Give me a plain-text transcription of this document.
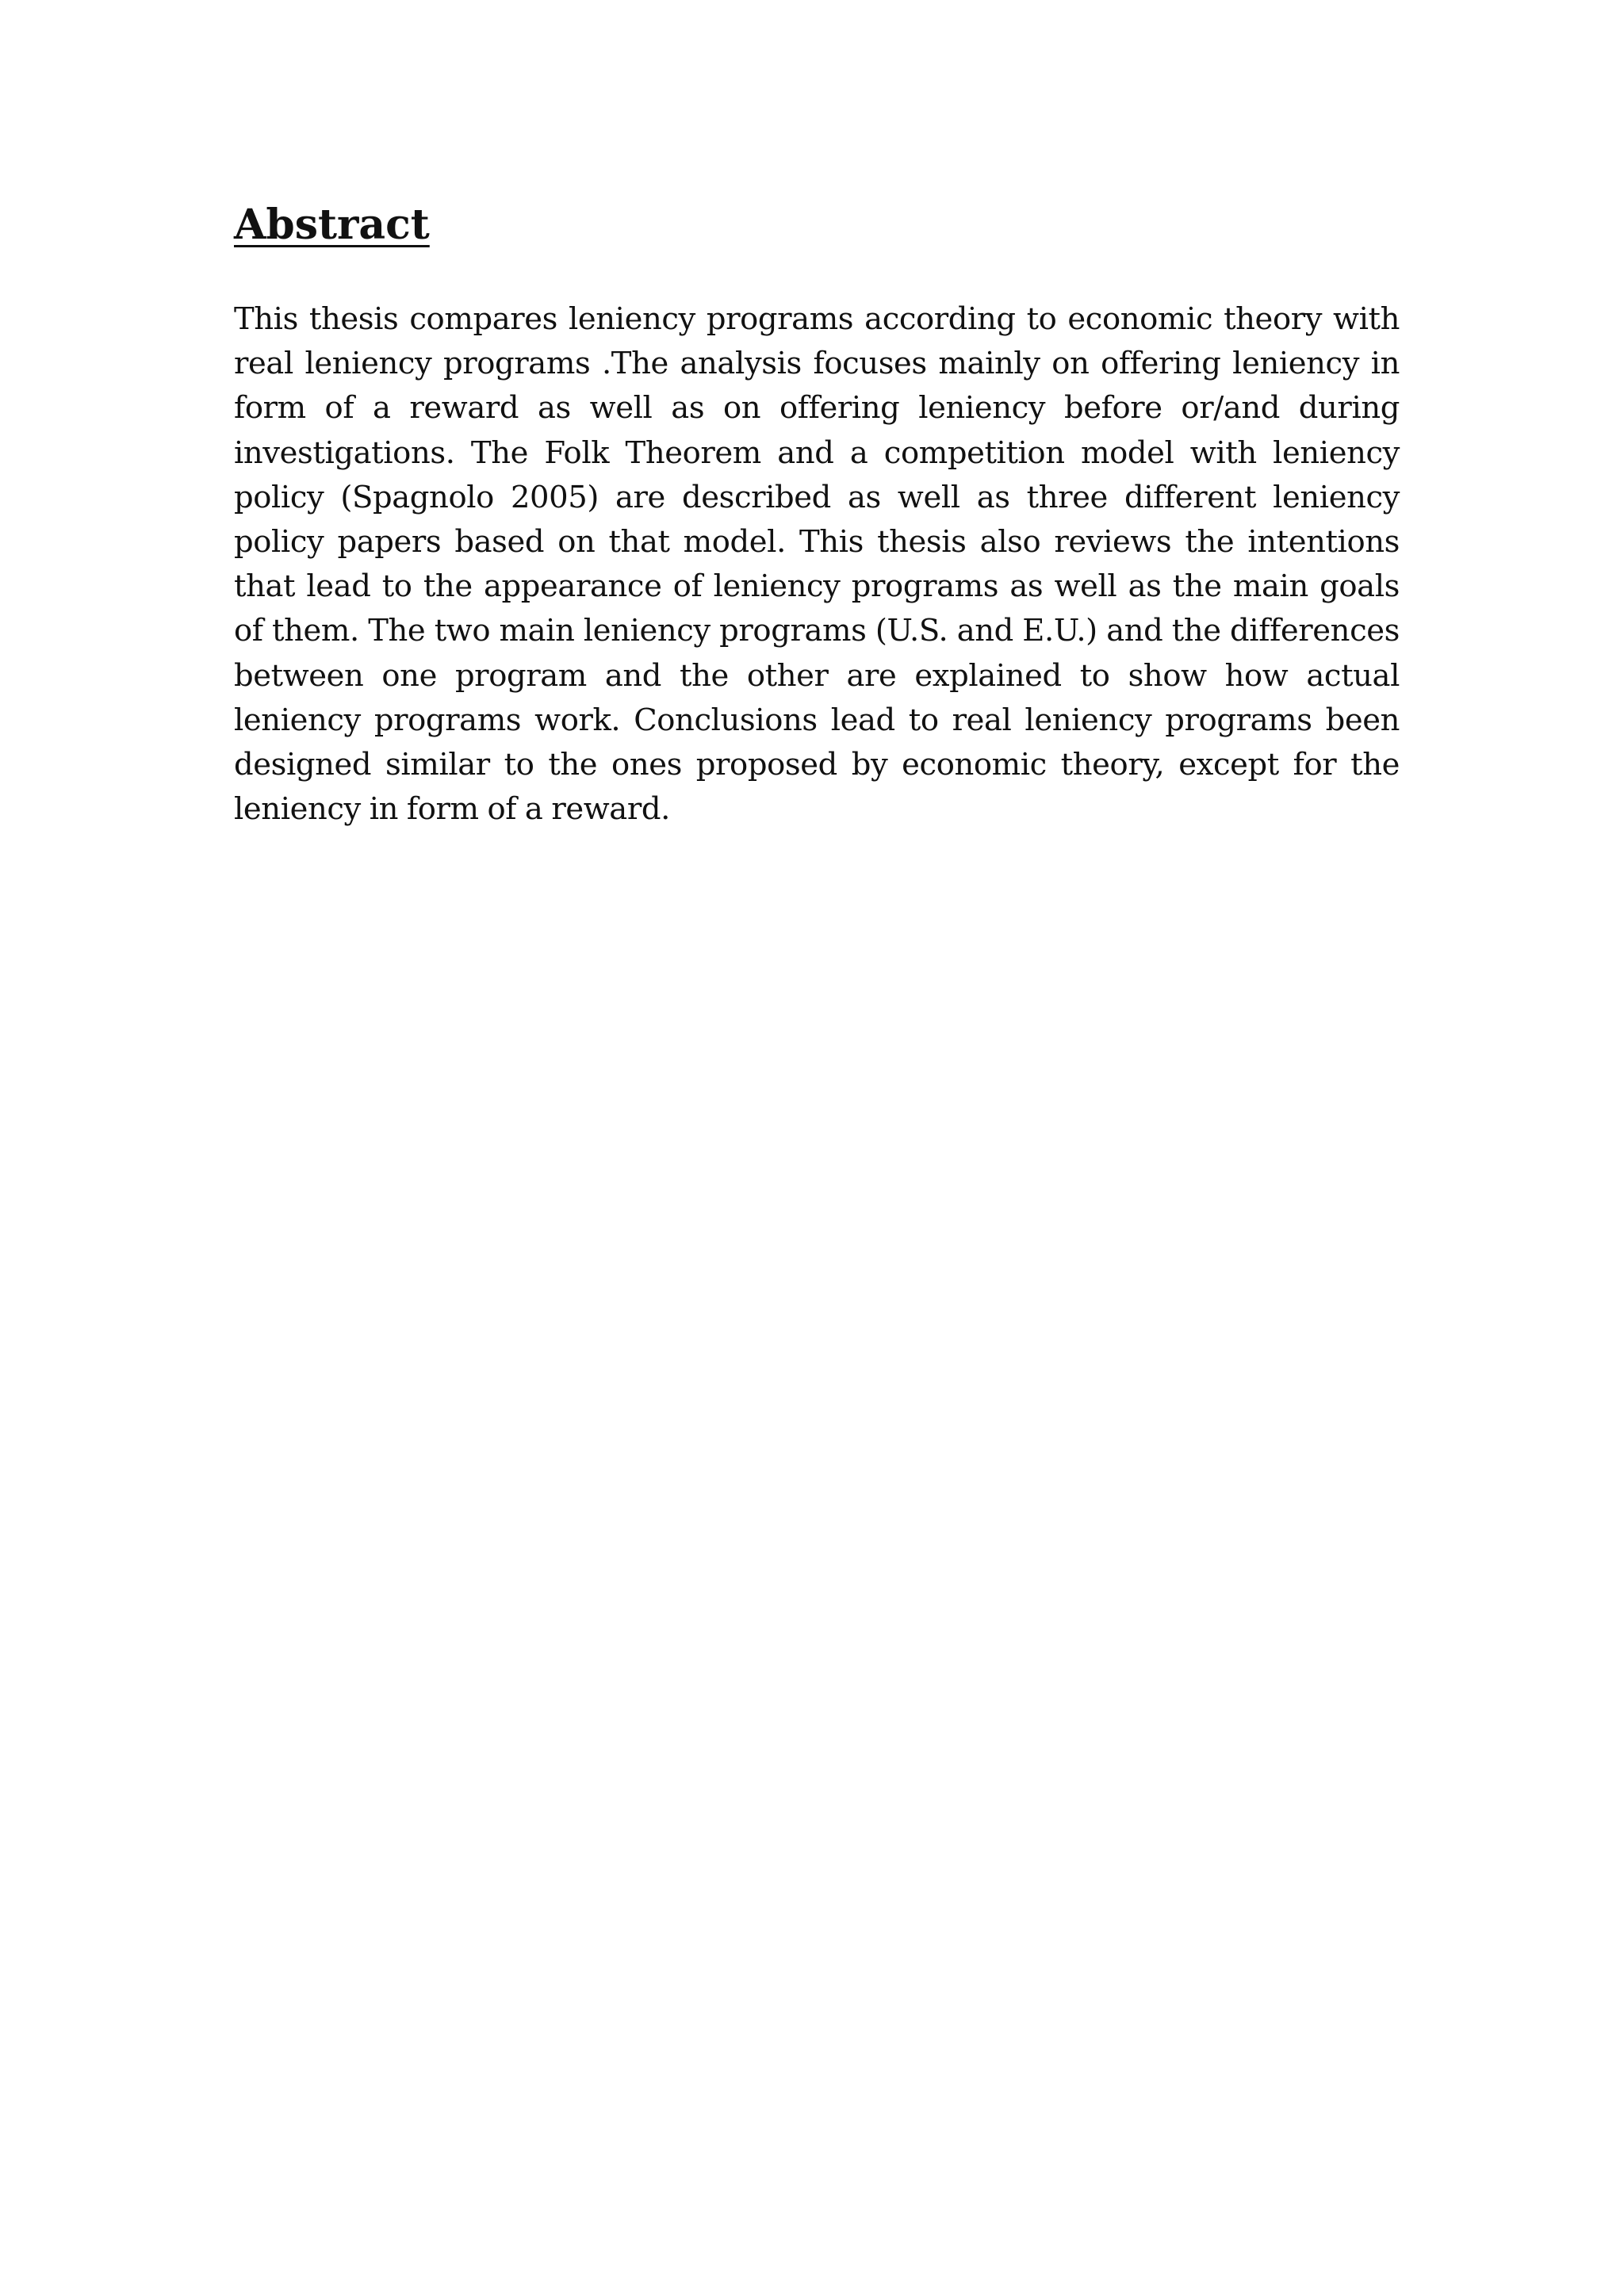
Abstract

This thesis compares leniency programs according to economic theory with real leniency programs .The analysis focuses mainly on offering leniency in form of a reward as well as on offering leniency before or/and during investigations. The Folk Theorem and a competition model with leniency policy (Spagnolo 2005) are described as well as three different leniency policy papers based on that model. This thesis also reviews the intentions that lead to the appearance of leniency programs as well as the main goals of them. The two main leniency programs (U.S. and E.U.) and the differences between one program and the other are explained to show how actual leniency programs work. Conclusions lead to real leniency programs been designed similar to the ones proposed by economic theory, except for the leniency in form of a reward.
